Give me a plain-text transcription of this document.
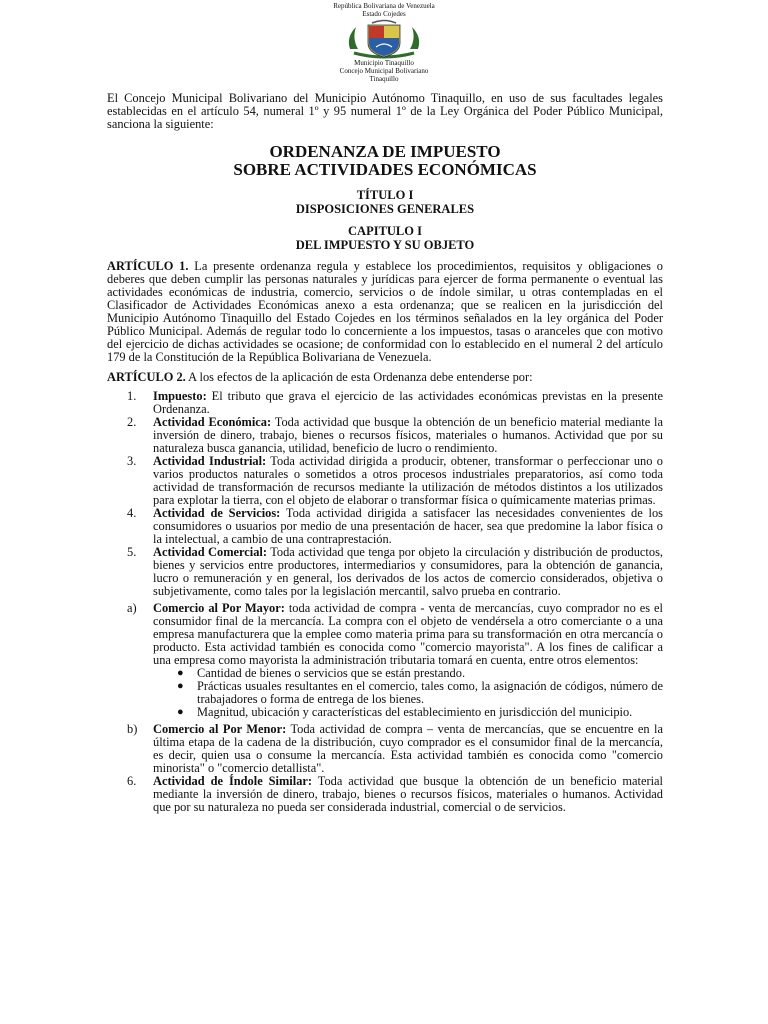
República Bolivariana de Venezuela
Estado Cojedes
Municipio Tinaquillo
Concejo Municipal Bolivariano
Tinaquillo

El Concejo Municipal Bolivariano del Municipio Autónomo Tinaquillo, en uso de sus facultades legales establecidas en el artículo 54, numeral 1º y 95 numeral 1º de la Ley Orgánica del Poder Público Municipal, sanciona la siguiente:

ORDENANZA DE IMPUESTO
SOBRE ACTIVIDADES ECONÓMICAS
TÍTULO I
DISPOSICIONES GENERALES
CAPITULO I
DEL IMPUESTO Y SU OBJETO

ARTÍCULO 1. La presente ordenanza regula y establece los procedimientos, requisitos y obligaciones o deberes que deben cumplir las personas naturales y jurídicas para ejercer de forma permanente o eventual las actividades económicas de industria, comercio, servicios o de índole similar, u otras contempladas en el Clasificador de Actividades Económicas anexo a esta ordenanza; que se realicen en la jurisdicción del Municipio Autónomo Tinaquillo del Estado Cojedes en los términos señalados en la ley orgánica del Poder Público Municipal. Además de regular todo lo concerniente a los impuestos, tasas o aranceles que con motivo del ejercicio de dichas actividades se ocasione; de conformidad con lo establecido en el numeral 2 del artículo 179 de la Constitución de la República Bolivariana de Venezuela.

ARTÍCULO 2. A los efectos de la aplicación de esta Ordenanza debe entenderse por:

1.	Impuesto: El tributo que grava el ejercicio de las actividades económicas previstas en la presente Ordenanza.
2.	Actividad Económica: Toda actividad que busque la obtención de un beneficio material mediante la inversión de dinero, trabajo, bienes o recursos físicos, materiales o humanos. Actividad que por su naturaleza busca ganancia, utilidad, beneficio de lucro o rendimiento.
3.	Actividad Industrial: Toda actividad dirigida a producir, obtener, transformar o perfeccionar uno o varios productos naturales o sometidos a otros procesos industriales preparatorios, así como toda actividad de transformación de recursos mediante la utilización de métodos distintos a los utilizados para explotar la tierra, con el objeto de elaborar o transformar física o químicamente materias primas.
4.	Actividad de Servicios: Toda actividad dirigida a satisfacer las necesidades convenientes de los consumidores o usuarios por medio de una presentación de hacer, sea que predomine la labor física o la intelectual, a cambio de una contraprestación.
5.	Actividad Comercial: Toda actividad que tenga por objeto la circulación y distribución de productos, bienes y servicios entre productores, intermediarios y consumidores, para la obtención de ganancia, lucro o remuneración y en general, los derivados de los actos de comercio considerados, objetiva o subjetivamente, como tales por la legislación mercantil, salvo prueba en contrario.
a)	Comercio al Por Mayor: toda actividad de compra - venta de mercancías, cuyo comprador no es el consumidor final de la mercancía. La compra con el objeto de vendérsela a otro comerciante o a una empresa manufacturera que la emplee como materia prima para su transformación en otra mercancía o producto. Esta actividad también es conocida como "comercio mayorista". A los fines de calificar a una empresa como mayorista la administración tributaria tomará en cuenta, entre otros elementos:
● Cantidad de bienes o servicios que se están prestando.
● Prácticas usuales resultantes en el comercio, tales como, la asignación de códigos, número de trabajadores o forma de entrega de los bienes.
● Magnitud, ubicación y características del establecimiento en jurisdicción del municipio.
b)	Comercio al Por Menor: Toda actividad de compra – venta de mercancías, que se encuentre en la última etapa de la cadena de la distribución, cuyo comprador es el consumidor final de la mercancía, es decir, quien usa o consume la mercancía. Esta actividad también es conocida como "comercio minorista" o "comercio detallista".
6.	Actividad de Índole Similar: Toda actividad que busque la obtención de un beneficio material mediante la inversión de dinero, trabajo, bienes o recursos físicos, materiales o humanos. Actividad que por su naturaleza no pueda ser considerada industrial, comercial o de servicios.
